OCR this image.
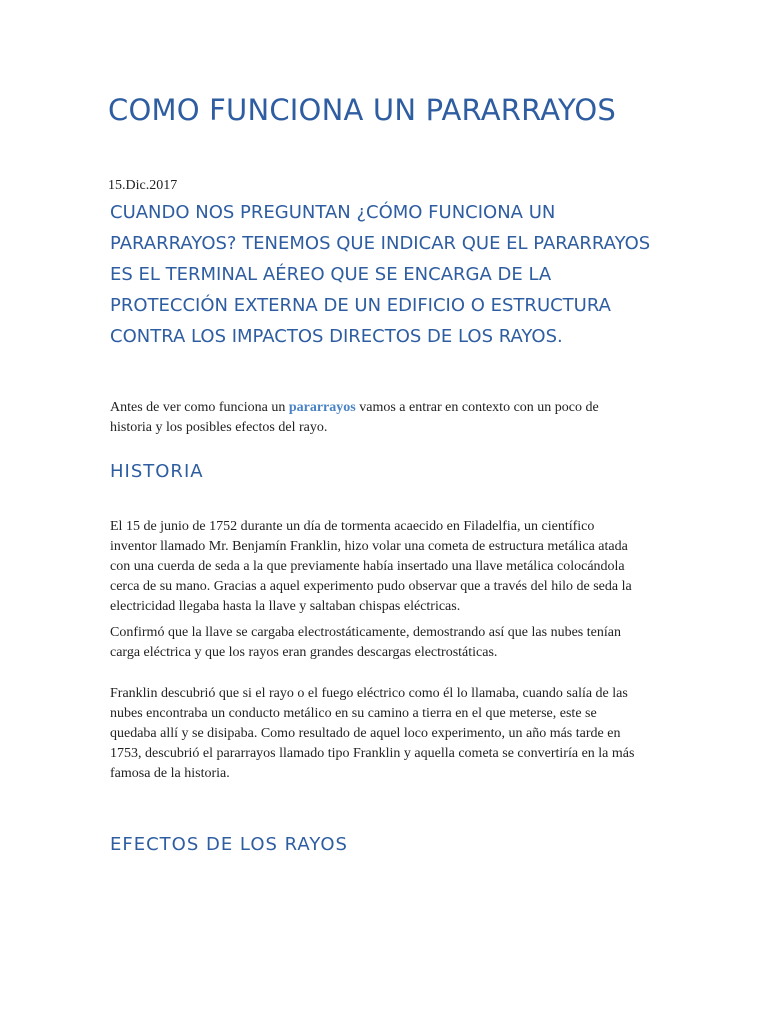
COMO FUNCIONA UN PARARRAYOS

15.Dic.2017

CUANDO NOS PREGUNTAN ¿CÓMO FUNCIONA UN PARARRAYOS? TENEMOS QUE INDICAR QUE EL PARARRAYOS ES EL TERMINAL AÉREO QUE SE ENCARGA DE LA PROTECCIÓN EXTERNA DE UN EDIFICIO O ESTRUCTURA CONTRA LOS IMPACTOS DIRECTOS DE LOS RAYOS.

Antes de ver como funciona un pararrayos vamos a entrar en contexto con un poco de historia y los posibles efectos del rayo.

HISTORIA

El 15 de junio de 1752 durante un día de tormenta acaecido en Filadelfia, un científico inventor llamado Mr. Benjamín Franklin, hizo volar una cometa de estructura metálica atada con una cuerda de seda a la que previamente había insertado una llave metálica colocándola cerca de su mano. Gracias a aquel experimento pudo observar que a través del hilo de seda la electricidad llegaba hasta la llave y saltaban chispas eléctricas.

Confirmó que la llave se cargaba electrostáticamente, demostrando así que las nubes tenían carga eléctrica y que los rayos eran grandes descargas electrostáticas.

Franklin descubrió que si el rayo o el fuego eléctrico como él lo llamaba, cuando salía de las nubes encontraba un conducto metálico en su camino a tierra en el que meterse, este se quedaba allí y se disipaba. Como resultado de aquel loco experimento, un año más tarde en 1753, descubrió el pararrayos llamado tipo Franklin y aquella cometa se convertiría en la más famosa de la historia.

EFECTOS DE LOS RAYOS
